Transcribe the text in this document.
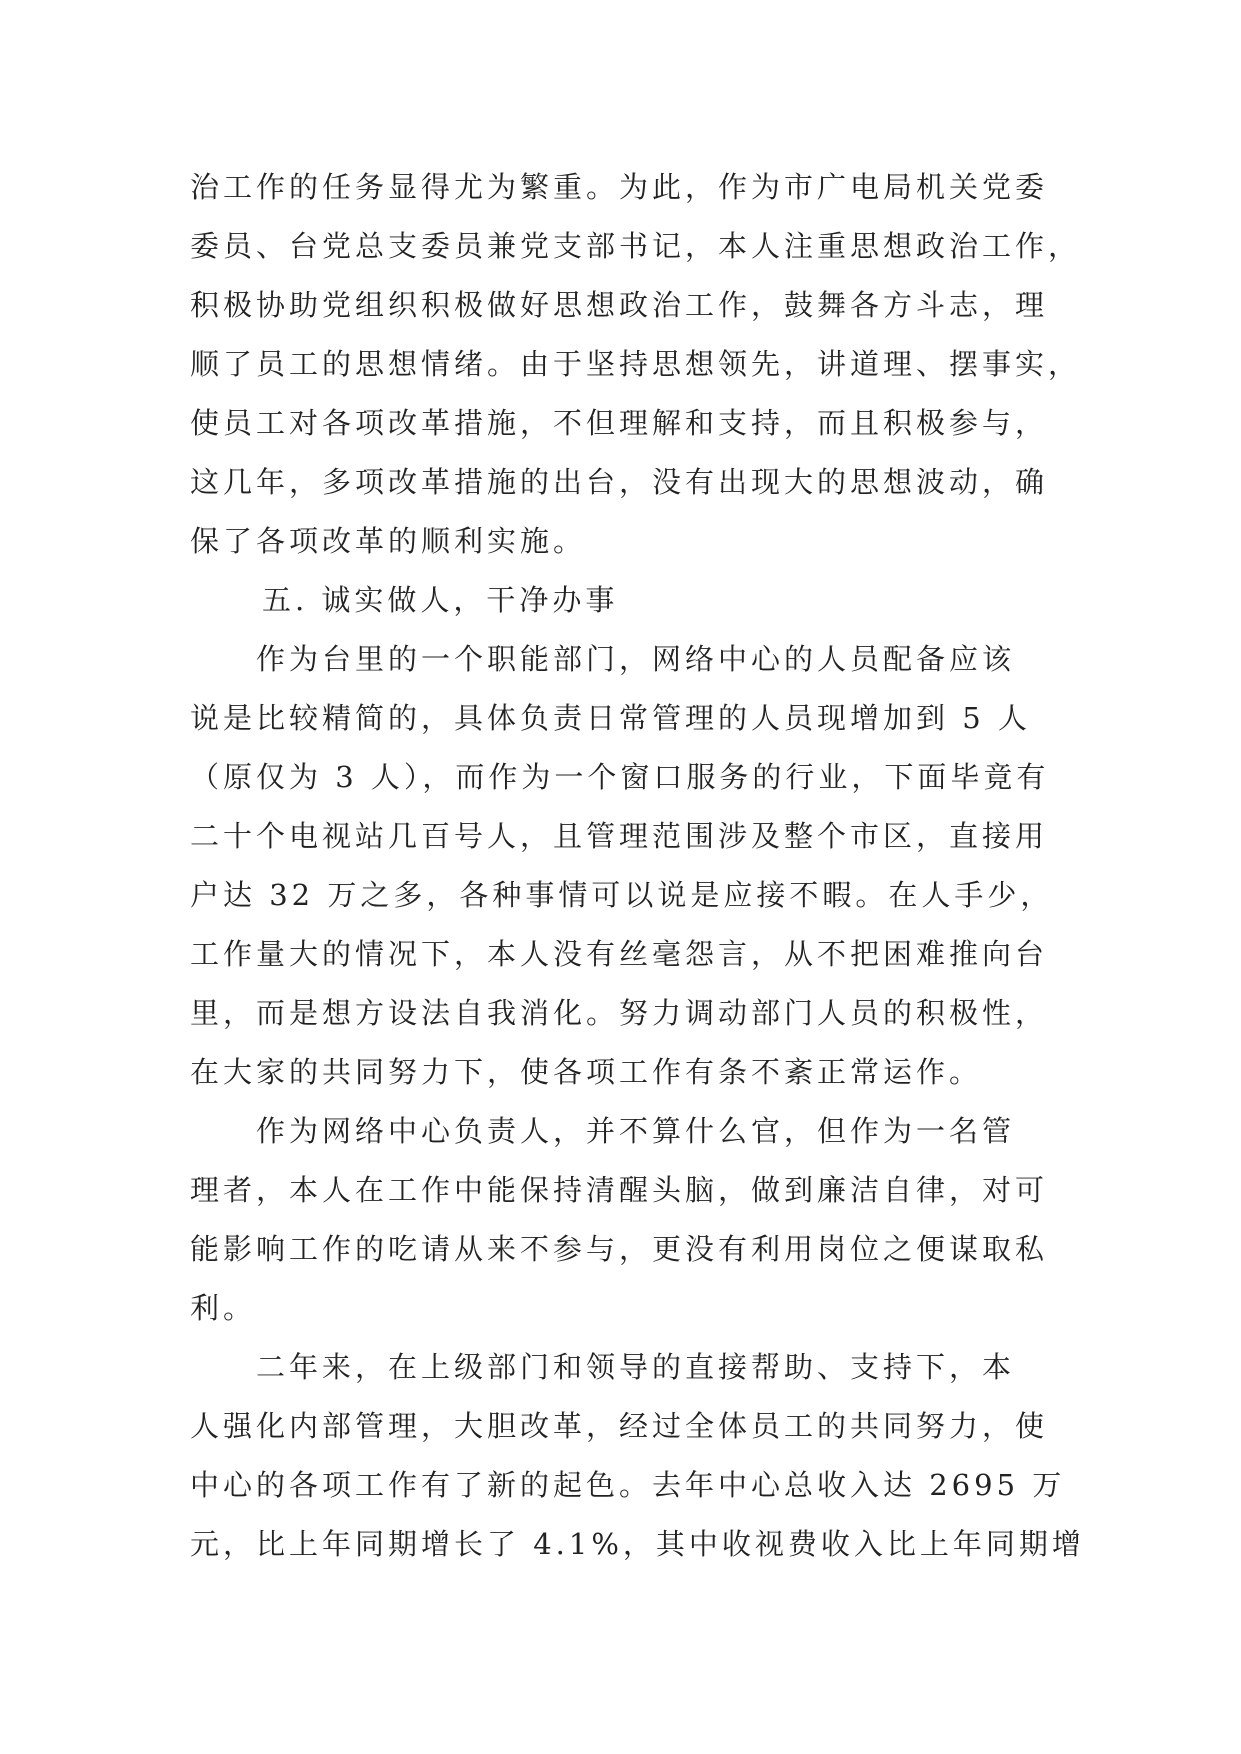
治工作的任务显得尤为繁重。为此，作为市广电局机关党委
委员、台党总支委员兼党支部书记，本人注重思想政治工作，
积极协助党组织积极做好思想政治工作，鼓舞各方斗志，理
顺了员工的思想情绪。由于坚持思想领先，讲道理、摆事实，
使员工对各项改革措施，不但理解和支持，而且积极参与，
这几年，多项改革措施的出台，没有出现大的思想波动，确
保了各项改革的顺利实施。
五. 诚实做人，干净办事
作为台里的一个职能部门，网络中心的人员配备应该
说是比较精简的，具体负责日常管理的人员现增加到 5 人
（原仅为 3 人），而作为一个窗口服务的行业，下面毕竟有
二十个电视站几百号人，且管理范围涉及整个市区，直接用
户达 32 万之多，各种事情可以说是应接不暇。在人手少，
工作量大的情况下，本人没有丝毫怨言，从不把困难推向台
里，而是想方设法自我消化。努力调动部门人员的积极性，
在大家的共同努力下，使各项工作有条不紊正常运作。
作为网络中心负责人，并不算什么官，但作为一名管
理者，本人在工作中能保持清醒头脑，做到廉洁自律，对可
能影响工作的吃请从来不参与，更没有利用岗位之便谋取私
利。
二年来，在上级部门和领导的直接帮助、支持下，本
人强化内部管理，大胆改革，经过全体员工的共同努力，使
中心的各项工作有了新的起色。去年中心总收入达 2695 万
元，比上年同期增长了 4.1%，其中收视费收入比上年同期增
